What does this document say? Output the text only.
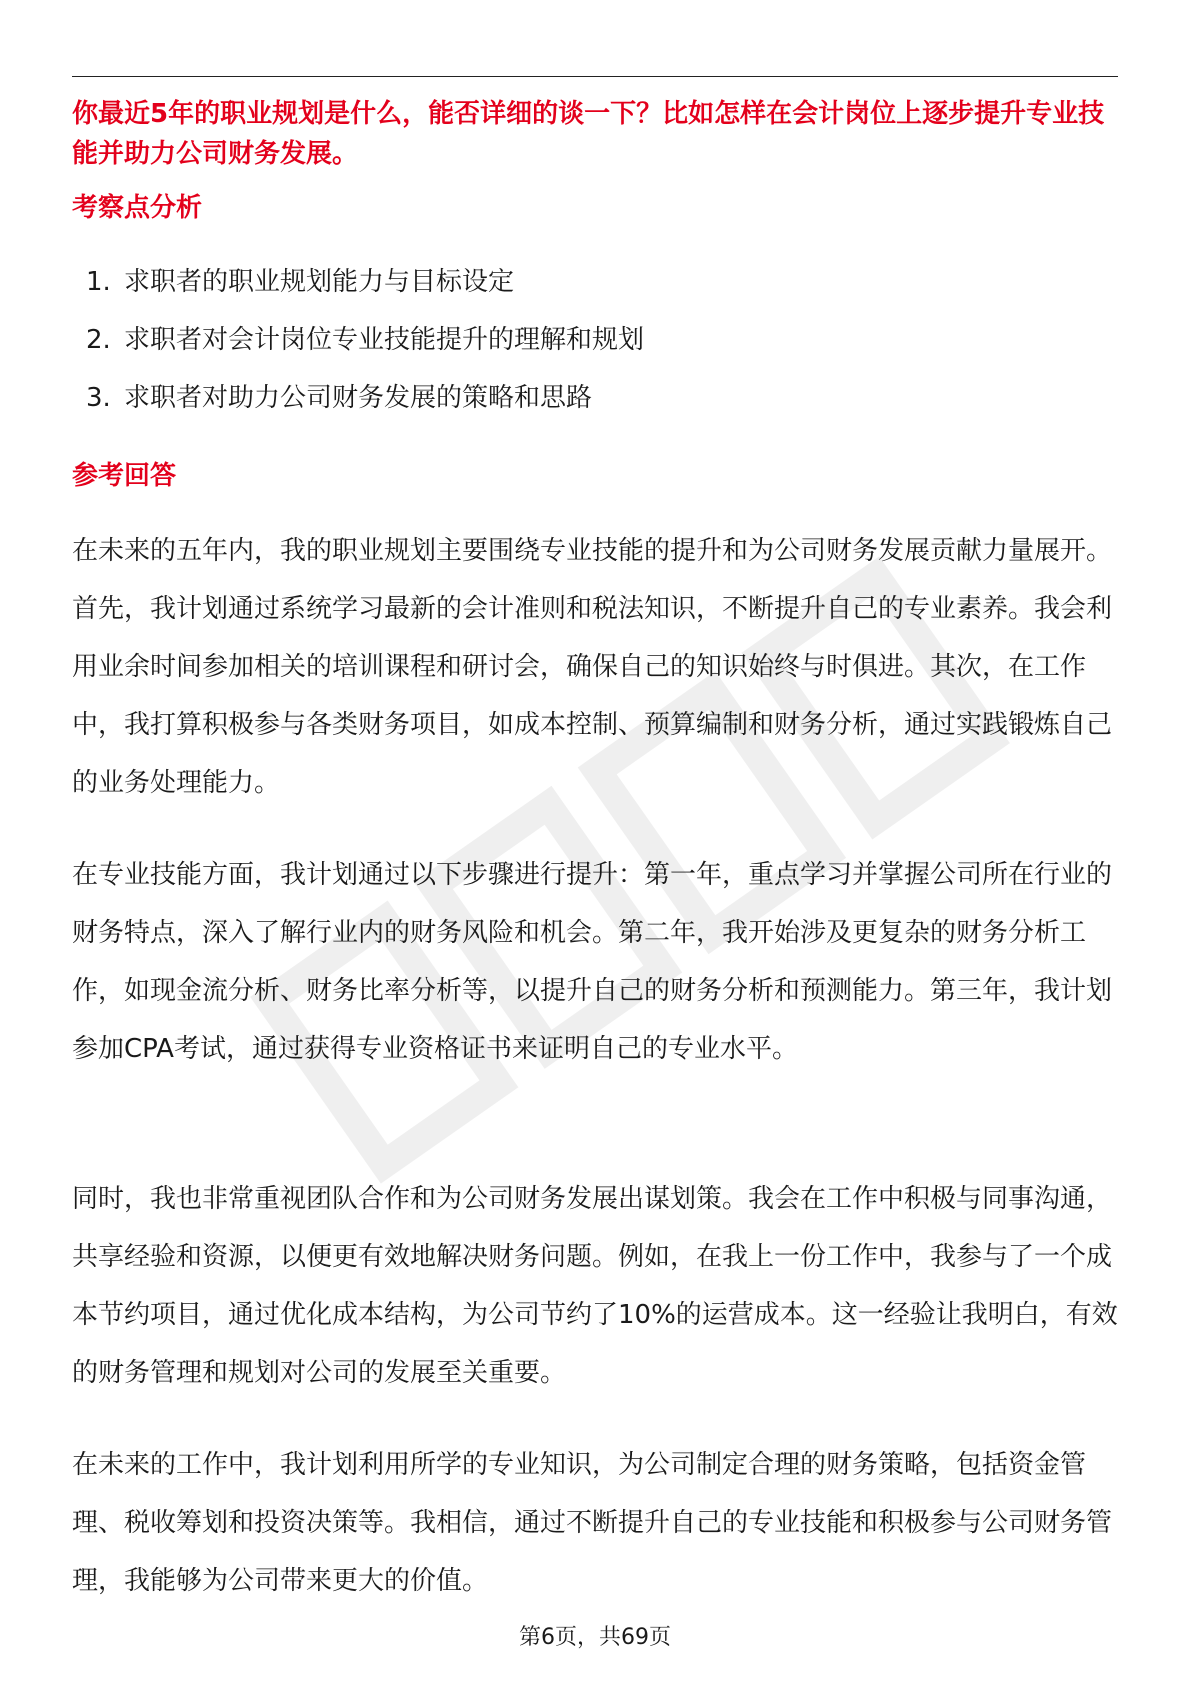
你最近5年的职业规划是什么，能否详细的谈一下？比如怎样在会计岗位上逐步提升专业技能并助力公司财务发展。
考察点分析
1. 求职者的职业规划能力与目标设定
2. 求职者对会计岗位专业技能提升的理解和规划
3. 求职者对助力公司财务发展的策略和思路
参考回答

在未来的五年内，我的职业规划主要围绕专业技能的提升和为公司财务发展贡献力量展开。首先，我计划通过系统学习最新的会计准则和税法知识，不断提升自己的专业素养。我会利用业余时间参加相关的培训课程和研讨会，确保自己的知识始终与时俱进。其次，在工作中，我打算积极参与各类财务项目，如成本控制、预算编制和财务分析，通过实践锻炼自己的业务处理能力。

在专业技能方面，我计划通过以下步骤进行提升：第一年，重点学习并掌握公司所在行业的财务特点，深入了解行业内的财务风险和机会。第二年，我开始涉及更复杂的财务分析工作，如现金流分析、财务比率分析等，以提升自己的财务分析和预测能力。第三年，我计划参加CPA考试，通过获得专业资格证书来证明自己的专业水平。

同时，我也非常重视团队合作和为公司财务发展出谋划策。我会在工作中积极与同事沟通，共享经验和资源，以便更有效地解决财务问题。例如，在我上一份工作中，我参与了一个成本节约项目，通过优化成本结构，为公司节约了10%的运营成本。这一经验让我明白，有效的财务管理和规划对公司的发展至关重要。

在未来的工作中，我计划利用所学的专业知识，为公司制定合理的财务策略，包括资金管理、税收筹划和投资决策等。我相信，通过不断提升自己的专业技能和积极参与公司财务管理，我能够为公司带来更大的价值。

第6页，共69页
